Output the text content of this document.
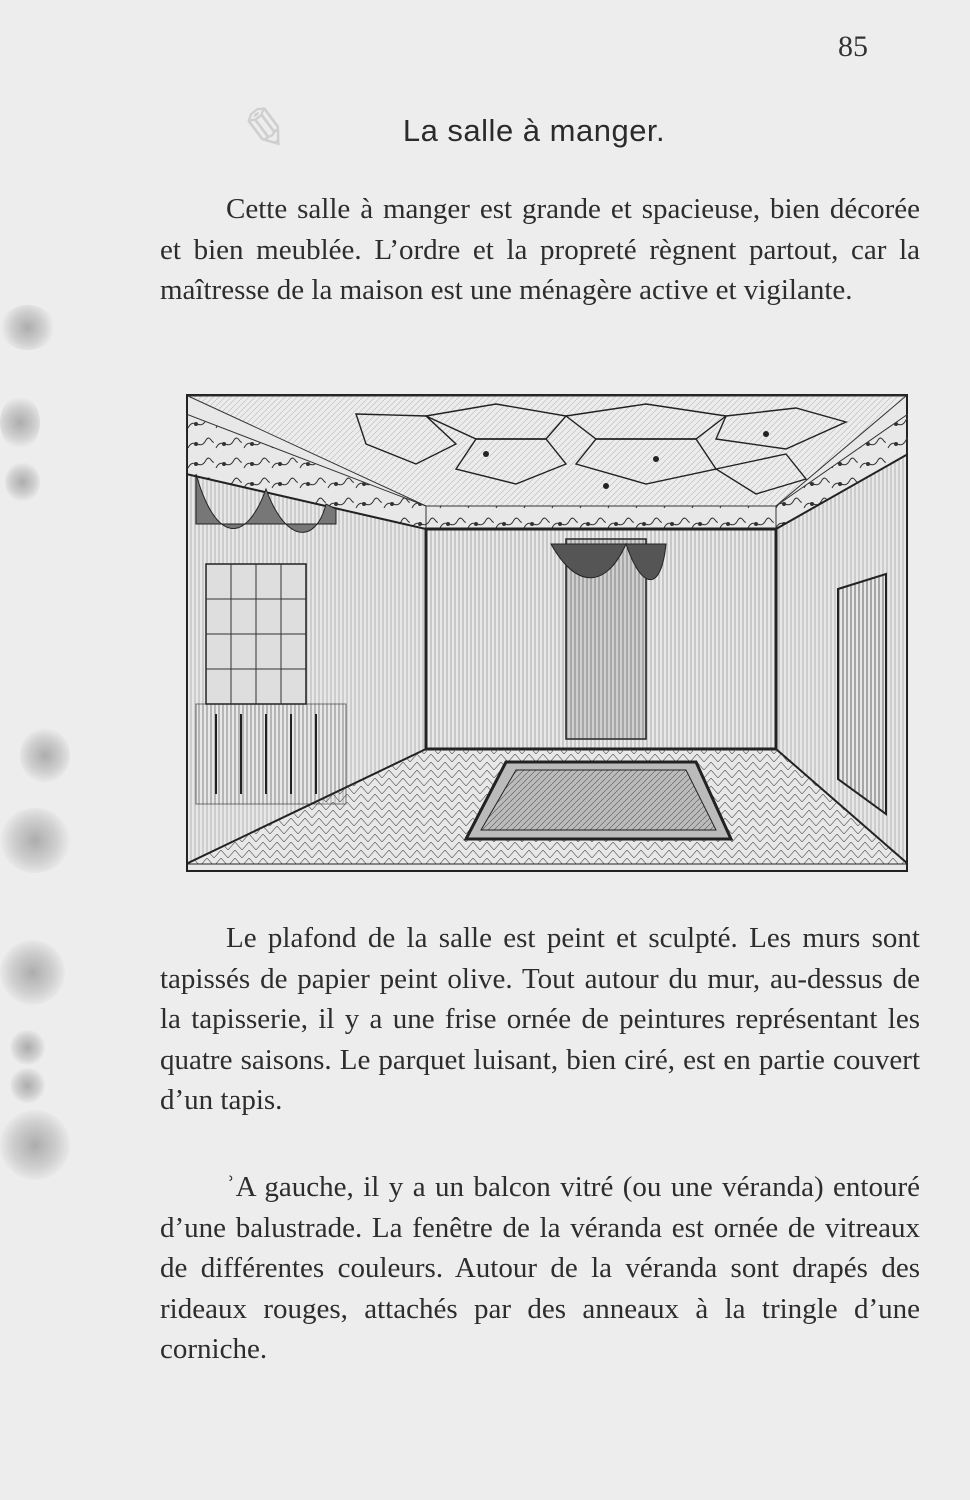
✎
85
La salle à manger.

Cette salle à manger est grande et spacieuse, bien décorée et bien meublée. L’ordre et la propreté règnent partout, car la maîtresse de la maison est une ménagère active et vigilante.

Le plafond de la salle est peint et sculpté. Les murs sont tapissés de papier peint olive. Tout autour du mur, au-dessus de la tapisserie, il y a une frise ornée de peintures représentant les quatre saisons. Le parquet luisant, bien ciré, est en partie couvert d’un tapis.

ʾA gauche, il y a un balcon vitré (ou une véranda) entouré d’une balustrade. La fenêtre de la véranda est ornée de vitreaux de différentes couleurs. Autour de la véranda sont drapés des rideaux rouges, attachés par des anneaux à la tringle d’une corniche.
